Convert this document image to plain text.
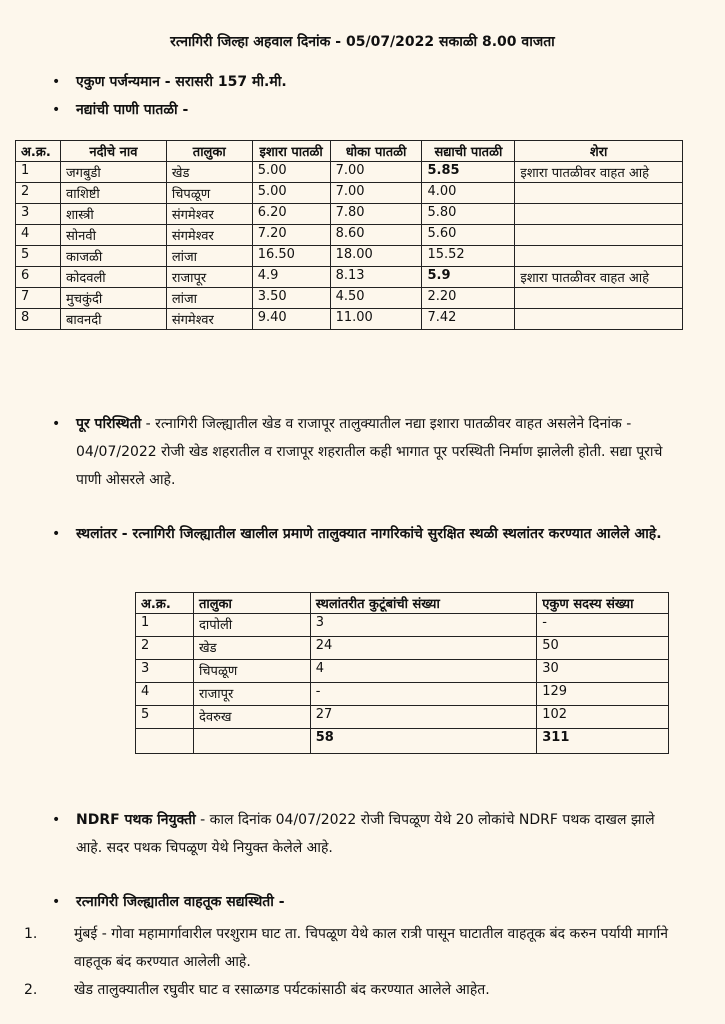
रत्नागिरी जिल्हा अहवाल दिनांक - 05/07/2022 सकाळी 8.00 वाजता
• एकुण पर्जन्यमान - सरासरी 157 मी.मी.
• नद्यांची पाणी पातळी -
अ.क्र.	नदीचे नाव	तालुका	इशारा पातळी	धोका पातळी	सद्याची पातळी	शेरा
1	जगबुडी	खेड	5.00	7.00	5.85	इशारा पातळीवर वाहत आहे
2	वाशिष्टी	चिपळूण	5.00	7.00	4.00	
3	शास्त्री	संगमेश्वर	6.20	7.80	5.80	
4	सोनवी	संगमेश्वर	7.20	8.60	5.60	
5	काजळी	लांजा	16.50	18.00	15.52	
6	कोदवली	राजापूर	4.9	8.13	5.9	इशारा पातळीवर वाहत आहे
7	मुचकुंदी	लांजा	3.50	4.50	2.20	
8	बावनदी	संगमेश्वर	9.40	11.00	7.42	
• पूर परिस्थिती - रत्नागिरी जिल्ह्यातील खेड व राजापूर तालुक्यातील नद्या इशारा पातळीवर वाहत असलेने दिनांक - 04/07/2022 रोजी खेड शहरातील व राजापूर शहरातील कही भागात पूर परस्थिती निर्माण झालेली होती. सद्या पूराचे पाणी ओसरले आहे.
• स्थलांतर - रत्नागिरी जिल्ह्यातील खालील प्रमाणे तालुक्यात नागरिकांचे सुरक्षित स्थळी स्थलांतर करण्यात आलेले आहे.
अ.क्र.	तालुका	स्थलांतरीत कुटूंबांची संख्या	एकुण सदस्य संख्या
1	दापोली	3	-
2	खेड	24	50
3	चिपळूण	4	30
4	राजापूर	-	129
5	देवरुख	27	102
		58	311
• NDRF पथक नियुक्ती - काल दिनांक 04/07/2022 रोजी चिपळूण येथे 20 लोकांचे NDRF पथक दाखल झाले आहे. सदर पथक चिपळूण येथे नियुक्त केलेले आहे.
• रत्नागिरी जिल्ह्यातील वाहतूक सद्यस्थिती -
1.	मुंबई - गोवा महामार्गावारील परशुराम घाट ता. चिपळूण येथे काल रात्री पासून घाटातील वाहतूक बंद करुन पर्यायी मार्गाने वाहतूक बंद करण्यात आलेली आहे.
2.	खेड तालुक्यातील रघुवीर घाट व रसाळगड पर्यटकांसाठी बंद करण्यात आलेले आहेत.
